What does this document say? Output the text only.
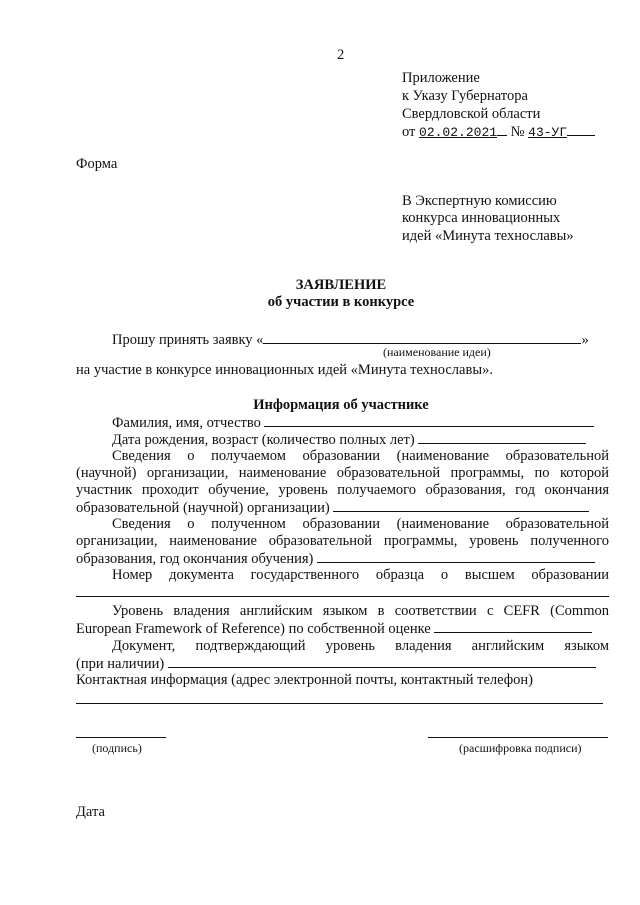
2
Приложение
к Указу Губернатора
Свердловской области
от 02.02.2021 № 43-УГ
Форма
В Экспертную комиссию
конкурса инновационных
идей «Минута технославы»
ЗАЯВЛЕНИЕ
об участии в конкурсе
Прошу принять заявку «	»
(наименование идеи)
на участие в конкурсе инновационных идей «Минута технославы».
Информация об участнике
Фамилия, имя, отчество
Дата рождения, возраст (количество полных лет)
Сведения о получаемом образовании (наименование образовательной
(научной) организации, наименование образовательной программы, по которой
участник проходит обучение, уровень получаемого образования, год окончания
образовательной (научной) организации)
Сведения о полученном образовании (наименование образовательной
организации, наименование образовательной программы, уровень полученного
образования, год окончания обучения)
Номер документа государственного образца о высшем образовании
Уровень владения английским языком в соответствии с CEFR (Common
European Framework of Reference) по собственной оценке
Документ, подтверждающий уровень владения английским языком
(при наличии)
Контактная информация (адрес электронной почты, контактный телефон)
(подпись)	(расшифровка подписи)
Дата
